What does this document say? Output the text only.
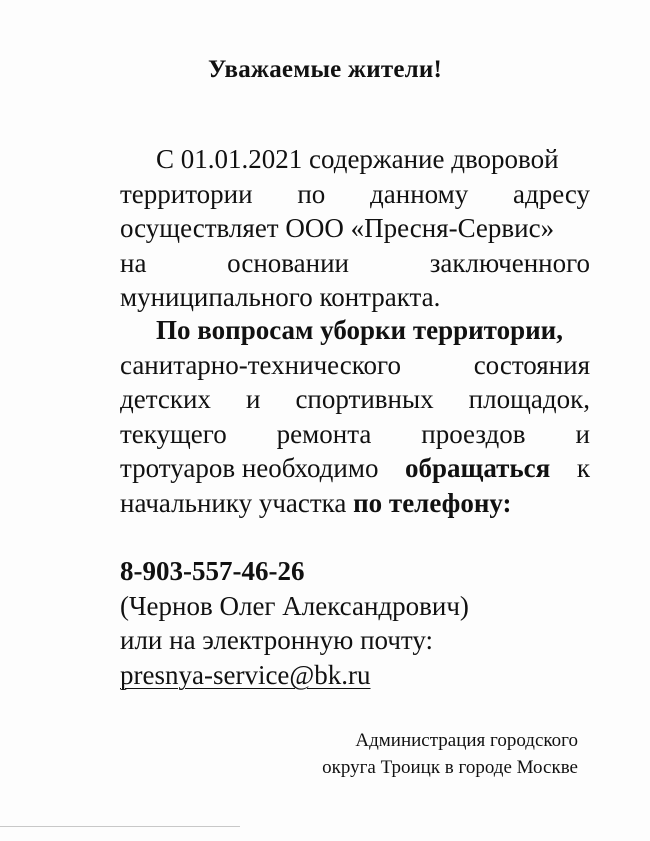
Уважаемые жители!
С 01.01.2021 содержание дворовой
территории по данному адресу
осуществляет ООО «Пресня-Сервис»
на	основании	заключенного
муниципального контракта.
По вопросам уборки территории,
санитарно-технического	состояния
детских и спортивных площадок,
текущего ремонта проездов и
тротуаров необходимо обращаться к
начальнику участка по телефону:
8-903-557-46-26
(Чернов Олег Александрович)
или на электронную почту:
presnya-service@bk.ru
Администрация городского
округа Троицк в городе Москве
